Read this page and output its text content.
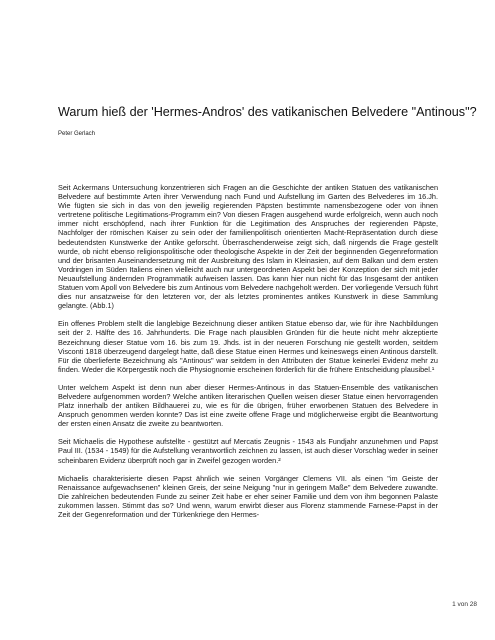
Warum hieß der 'Hermes-Andros' des vatikanischen Belvedere "Antinous"?
Peter Gerlach

Seit Ackermans Untersuchung konzentrieren sich Fragen an die Geschichte der antiken Statuen des vatikanischen Belvedere auf bestimmte Arten ihrer Verwendung nach Fund und Aufstellung im Garten des Belvederes im 16.Jh. Wie fügten sie sich in das von den jeweilig regierenden Päpsten bestimmte namensbezogene oder von ihnen vertretene politische Legitimations-Programm ein? Von diesen Fragen ausgehend wurde erfolgreich, wenn auch noch immer nicht erschöpfend, nach ihrer Funktion für die Legitimation des Anspruches der regierenden Päpste, Nachfolger der römischen Kaiser zu sein oder der familienpolitisch orientierten Macht-Repräsentation durch diese bedeutendsten Kunstwerke der Antike geforscht. Überraschenderweise zeigt sich, daß nirgends die Frage gestellt wurde, ob nicht ebenso religionspolitische oder theologische Aspekte in der Zeit der beginnenden Gegenreformation und der brisanten Auseinandersetzung mit der Ausbreitung des Islam in Kleinasien, auf dem Balkan und dem ersten Vordringen im Süden Italiens einen vielleicht auch nur untergeordneten Aspekt bei der Konzeption der sich mit jeder Neuaufstellung ändernden Programmatik aufweisen lassen. Das kann hier nun nicht für das Insgesamt der antiken Statuen vom Apoll von Belvedere bis zum Antinous vom Belvedere nachgeholt werden. Der vorliegende Versuch führt dies nur ansatzweise für den letzteren vor, der als letztes prominentes antikes Kunstwerk in diese Sammlung gelangte. (Abb.1)

Ein offenes Problem stellt die langlebige Bezeichnung dieser antiken Statue ebenso dar, wie für ihre Nachbildungen seit der 2. Hälfte des 16. Jahrhunderts. Die Frage nach plausiblen Gründen für die heute nicht mehr akzeptierte Bezeichnung dieser Statue vom 16. bis zum 19. Jhds. ist in der neueren Forschung nie gestellt worden, seitdem Visconti 1818 überzeugend dargelegt hatte, daß diese Statue einen Hermes und keineswegs einen Antinous darstellt. Für die überlieferte Bezeichnung als "Antinous" war seitdem in den Attributen der Statue keinerlei Evidenz mehr zu finden. Weder die Körpergestik noch die Physiognomie erscheinen förderlich für die frühere Entscheidung plausibel.¹

Unter welchem Aspekt ist denn nun aber dieser Hermes-Antinous in das Statuen-Ensemble des vatikanischen Belvedere aufgenommen worden? Welche antiken literarischen Quellen weisen dieser Statue einen hervorragenden Platz innerhalb der antiken Bildhauerei zu, wie es für die übrigen, früher erworbenen Statuen des Belvedere in Anspruch genommen werden konnte? Das ist eine zweite offene Frage und möglicherweise ergibt die Beantwortung der ersten einen Ansatz die zweite zu beantworten.

Seit Michaelis die Hypothese aufstellte - gestützt auf Mercatis Zeugnis - 1543 als Fundjahr anzunehmen und Papst Paul III. (1534 - 1549) für die Aufstellung verantwortlich zeichnen zu lassen, ist auch dieser Vorschlag weder in seiner scheinbaren Evidenz überprüft noch gar in Zweifel gezogen worden.²

Michaelis charakterisierte diesen Papst ähnlich wie seinen Vorgänger Clemens VII. als einen "im Geiste der Renaissance aufgewachsenen" kleinen Greis, der seine Neigung "nur in geringem Maße" dem Belvedere zuwandte. Die zahlreichen bedeutenden Funde zu seiner Zeit habe er eher seiner Familie und dem von ihm begonnen Palaste zukommen lassen. Stimmt das so? Und wenn, warum erwirbt dieser aus Florenz stammende Farnese-Papst in der Zeit der Gegenreformation und der Türkenkriege den Hermes-

1 von 28
